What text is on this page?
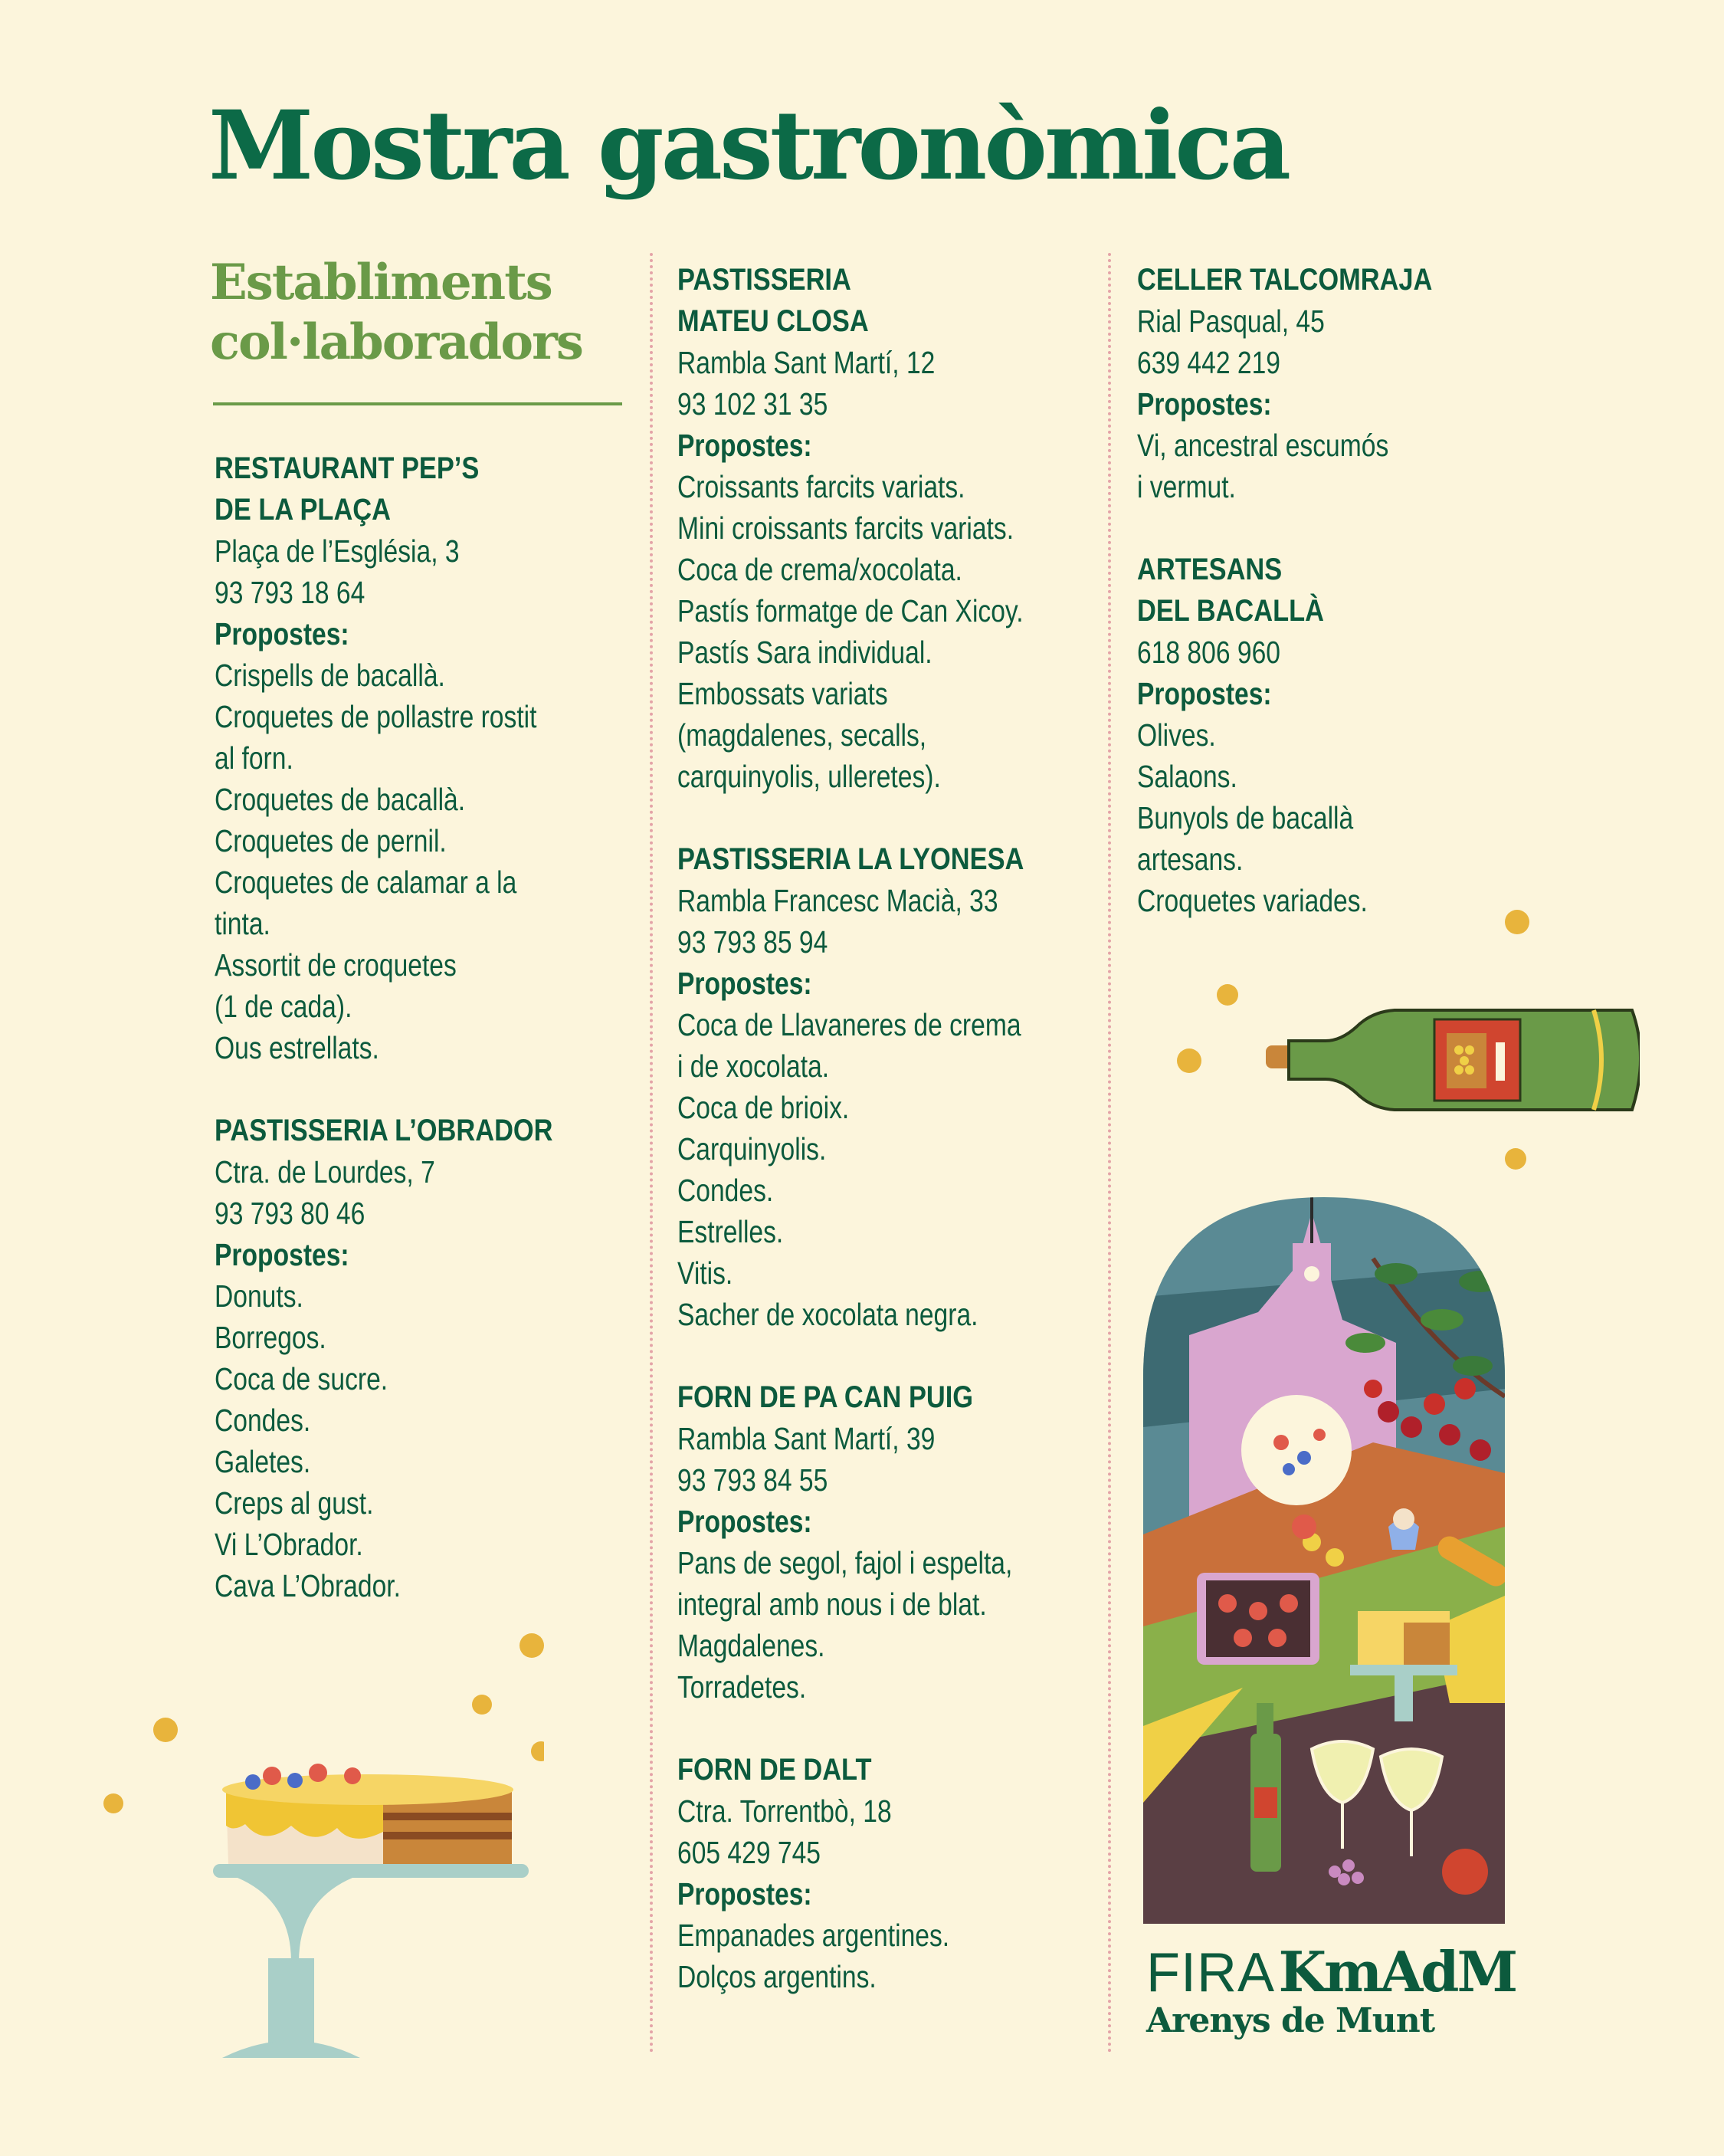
Mostra gastronòmica
Establiments
col·laboradors
RESTAURANT PEP’S
DE LA PLAÇA
Plaça de l’Església, 3
93 793 18 64
Propostes:
Crispells de bacallà.
Croquetes de pollastre rostit
al forn.
Croquetes de bacallà.
Croquetes de pernil.
Croquetes de calamar a la
tinta.
Assortit de croquetes
(1 de cada).
Ous estrellats.
PASTISSERIA L’OBRADOR
Ctra. de Lourdes, 7
93 793 80 46
Propostes:
Donuts.
Borregos.
Coca de sucre.
Condes.
Galetes.
Creps al gust.
Vi L’Obrador.
Cava L’Obrador.
PASTISSERIA
MATEU CLOSA
Rambla Sant Martí, 12
93 102 31 35
Propostes:
Croissants farcits variats.
Mini croissants farcits variats.
Coca de crema/xocolata.
Pastís formatge de Can Xicoy.
Pastís Sara individual.
Embossats variats
(magdalenes, secalls,
carquinyolis, ulleretes).
PASTISSERIA LA LYONESA
Rambla Francesc Macià, 33
93 793 85 94
Propostes:
Coca de Llavaneres de crema
i de xocolata.
Coca de brioix.
Carquinyolis.
Condes.
Estrelles.
Vitis.
Sacher de xocolata negra.
FORN DE PA CAN PUIG
Rambla Sant Martí, 39
93 793 84 55
Propostes:
Pans de segol, fajol i espelta,
integral amb nous i de blat.
Magdalenes.
Torradetes.
FORN DE DALT
Ctra. Torrentbò, 18
605 429 745
Propostes:
Empanades argentines.
Dolços argentins.
CELLER TALCOMRAJA
Rial Pasqual, 45
639 442 219
Propostes:
Vi, ancestral escumós
i vermut.
ARTESANS
DEL BACALLÀ
618 806 960
Propostes:
Olives.
Salaons.
Bunyols de bacallà
artesans.
Croquetes variades.
FIRA KmAdM
Arenys de Munt
